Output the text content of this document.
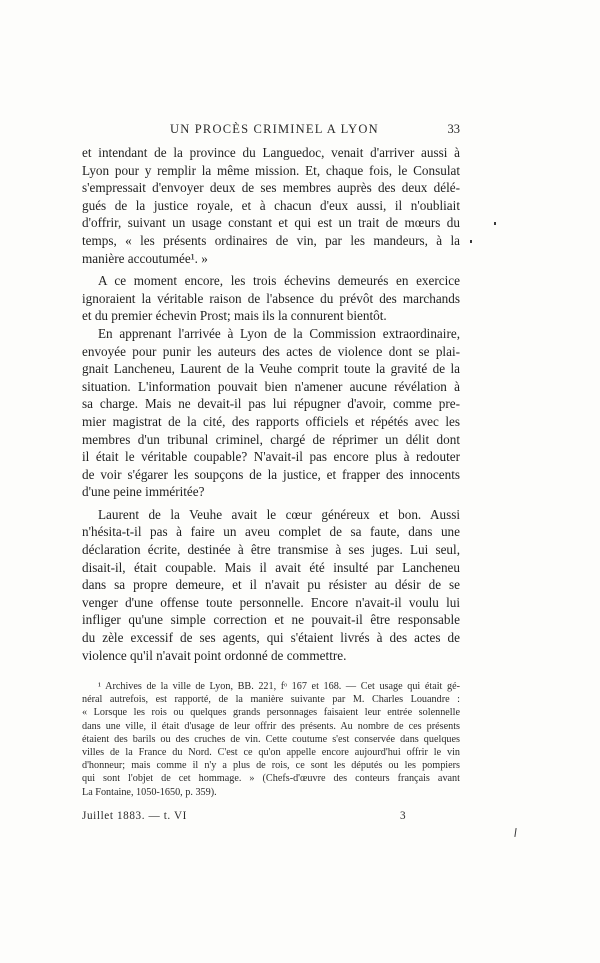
UN PROCÈS CRIMINEL A LYON	33
et intendant de la province du Languedoc, venait d'arriver aussi à
Lyon pour y remplir la même mission. Et, chaque fois, le Consulat
s'empressait d'envoyer deux de ses membres auprès des deux délé-
gués de la justice royale, et à chacun d'eux aussi, il n'oubliait
d'offrir, suivant un usage constant et qui est un trait de mœurs du
temps, « les présents ordinaires de vin, par les mandeurs, à la
manière accoutumée¹. »
A ce moment encore, les trois échevins demeurés en exercice
ignoraient la véritable raison de l'absence du prévôt des marchands
et du premier échevin Prost; mais ils la connurent bientôt.
En apprenant l'arrivée à Lyon de la Commission extraordinaire,
envoyée pour punir les auteurs des actes de violence dont se plai-
gnait Lancheneu, Laurent de la Veuhe comprit toute la gravité de la
situation. L'information pouvait bien n'amener aucune révélation à
sa charge. Mais ne devait-il pas lui répugner d'avoir, comme pre-
mier magistrat de la cité, des rapports officiels et répétés avec les
membres d'un tribunal criminel, chargé de réprimer un délit dont
il était le véritable coupable? N'avait-il pas encore plus à redouter
de voir s'égarer les soupçons de la justice, et frapper des innocents
d'une peine imméritée?
Laurent de la Veuhe avait le cœur généreux et bon. Aussi
n'hésita-t-il pas à faire un aveu complet de sa faute, dans une
déclaration écrite, destinée à être transmise à ses juges. Lui seul,
disait-il, était coupable. Mais il avait été insulté par Lancheneu
dans sa propre demeure, et il n'avait pu résister au désir de se
venger d'une offense toute personnelle. Encore n'avait-il voulu lui
infliger qu'une simple correction et ne pouvait-il être responsable
du zèle excessif de ses agents, qui s'étaient livrés à des actes de
violence qu'il n'avait point ordonné de commettre.
¹ Archives de la ville de Lyon, BB. 221, fᵒ 167 et 168. — Cet usage qui était gé-
néral autrefois, est rapporté, de la manière suivante par M. Charles Louandre :
« Lorsque les rois ou quelques grands personnages faisaient leur entrée solennelle
dans une ville, il était d'usage de leur offrir des présents. Au nombre de ces présents
étaient des barils ou des cruches de vin. Cette coutume s'est conservée dans quelques
villes de la France du Nord. C'est ce qu'on appelle encore aujourd'hui offrir le vin
d'honneur; mais comme il n'y a plus de rois, ce sont les députés ou les pompiers
qui sont l'objet de cet hommage. » (Chefs-d'œuvre des conteurs français avant
La Fontaine, 1050-1650, p. 359).
Juillet 1883. — t. VI	3
